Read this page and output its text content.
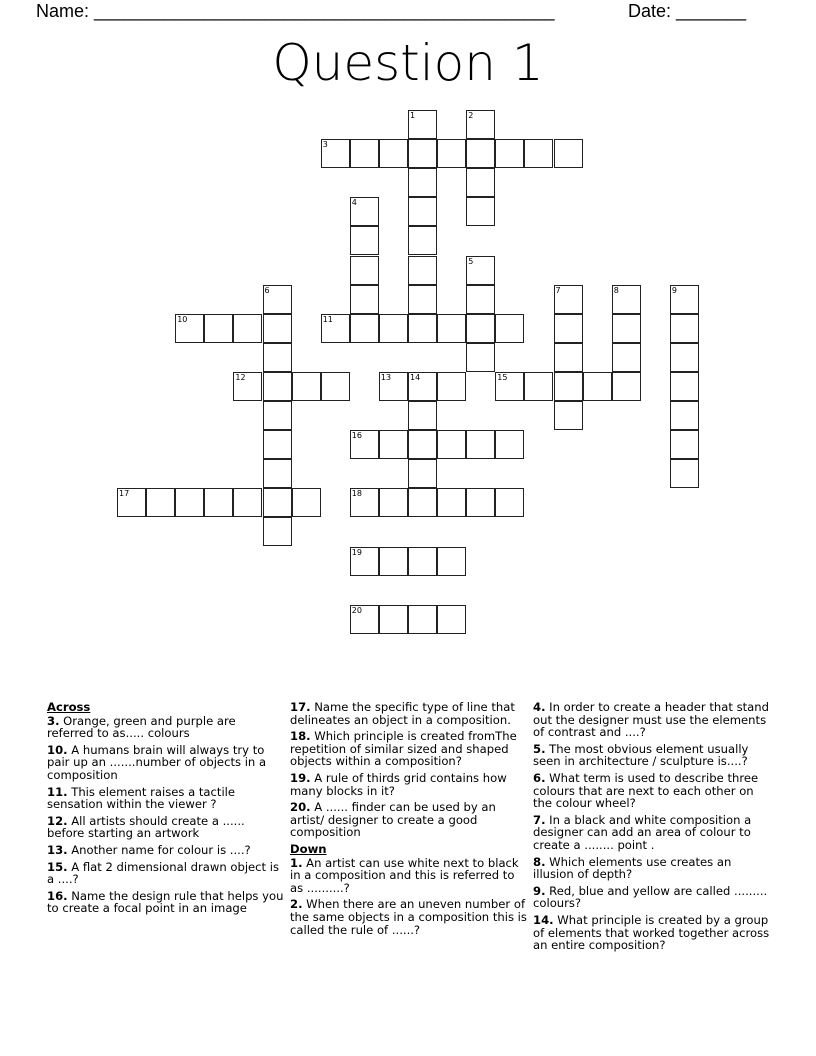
Name: ______________________________________________	Date: _______
Question 1
1	2
3
4
5
6	7	8	9
10	11
12	13 14	15
16
17	18
19
20
Across
3. Orange, green and purple are referred to as..... colours
10. A humans brain will always try to pair up an .......number of objects in a composition
11. This element raises a tactile sensation within the viewer ?
12. All artists should create a ...... before starting an artwork
13. Another name for colour is ....?
15. A flat 2 dimensional drawn object is a ....?
16. Name the design rule that helps you to create a focal point in an image
17. Name the specific type of line that delineates an object in a composition.
18. Which principle is created fromThe repetition of similar sized and shaped objects within a composition?
19. A rule of thirds grid contains how many blocks in it?
20. A ...... finder can be used by an artist/ designer to create a good composition
Down
1. An artist can use white next to black in a composition and this is referred to as ..........?
2. When there are an uneven number of the same objects in a composition this is called the rule of ......?
4. In order to create a header that stand out the designer must use the elements of contrast and ....?
5. The most obvious element usually seen in architecture / sculpture is....?
6. What term is used to describe three colours that are next to each other on the colour wheel?
7. In a black and white composition a designer can add an area of colour to create a ........ point .
8. Which elements use creates an illusion of depth?
9. Red, blue and yellow are called ......... colours?
14. What principle is created by a group of elements that worked together across an entire composition?
